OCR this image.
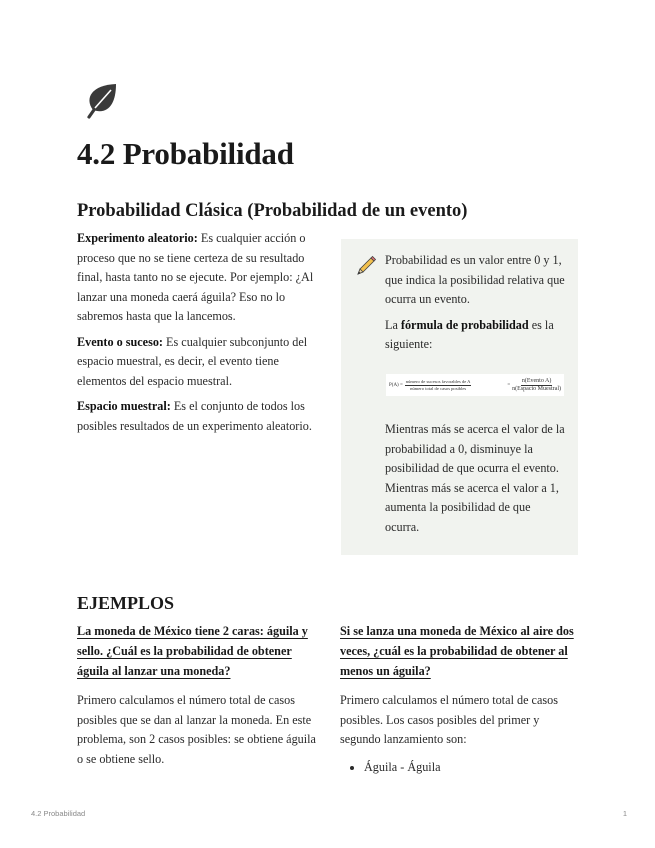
4.2 Probabilidad
Probabilidad Clásica (Probabilidad de un evento)

Experimento aleatorio: Es cualquier acción o proceso que no se tiene certeza de su resultado final, hasta tanto no se ejecute. Por ejemplo: ¿Al lanzar una moneda caerá águila? Eso no lo sabremos hasta que la lancemos.

Evento o suceso: Es cualquier subconjunto del espacio muestral, es decir, el evento tiene elementos del espacio muestral.

Espacio muestral: Es el conjunto de todos los posibles resultados de un experimento aleatorio.

Probabilidad es un valor entre 0 y 1, que indica la posibilidad relativa que ocurra un evento.

La fórmula de probabilidad es la siguiente:

$P(A) = \frac{\text{número de sucesos favorables de A}}{\text{número total de casos posibles}}$	= $\frac{\text{n(Evento A)}}{\text{n(Espacio Muestral)}}$

Mientras más se acerca el valor de la probabilidad a 0, disminuye la posibilidad de que ocurra el evento. Mientras más se acerca el valor a 1, aumenta la posibilidad de que ocurra.

EJEMPLOS

La moneda de México tiene 2 caras: águila y sello. ¿Cuál es la probabilidad de obtener águila al lanzar una moneda?

Primero calculamos el número total de casos posibles que se dan al lanzar la moneda. En este problema, son 2 casos posibles: se obtiene águila o se obtiene sello.

Si se lanza una moneda de México al aire dos veces, ¿cuál es la probabilidad de obtener al menos un águila?

Primero calculamos el número total de casos posibles. Los casos posibles del primer y segundo lanzamiento son:

• Águila - Águila
4.2 Probabilidad	1
